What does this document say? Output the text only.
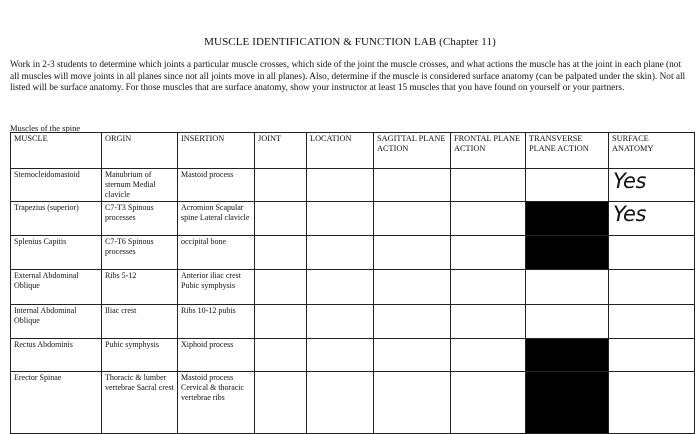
MUSCLE IDENTIFICATION & FUNCTION LAB (Chapter 11)

Work in 2-3 students to determine which joints a particular muscle crosses, which side of the joint the muscle crosses, and what actions the muscle has at the joint in each plane (not all muscles will move joints in all planes since not all joints move in all planes). Also, determine if the muscle is considered surface anatomy (can be palpated under the skin). Not all listed will be surface anatomy. For those muscles that are surface anatomy, show your instructor at least 15 muscles that you have found on yourself or your partners.

Muscles of the spine
MUSCLE	ORGIN	INSERTION	JOINT	LOCATION	SAGITTAL PLANE ACTION	FRONTAL PLANE ACTION	TRANSVERSE PLANE ACTION	SURFACE ANATOMY
Sternocleidomastoid	Manubrium of sternum Medial clavicle	Mastoid process						Yes
Trapezius (superior)	C7-T3 Spinous processes	Acromion Scapular spine Lateral clavicle						Yes
Splenius Capitis	C7-T6 Spinous processes	occipital bone						
External Abdominal Oblique	Ribs 5-12	Anterior iliac crest Pubic symphysis						
Internal Abdominal Oblique	Iliac crest	Ribs 10-12 pubis						
Rectus Abdominis	Pubic symphysis	Xiphoid process						
Erector Spinae	Thoracic & lumber vertebrae Sacral crest	Mastoid process Cervical & thoracic vertebrae ribs						
